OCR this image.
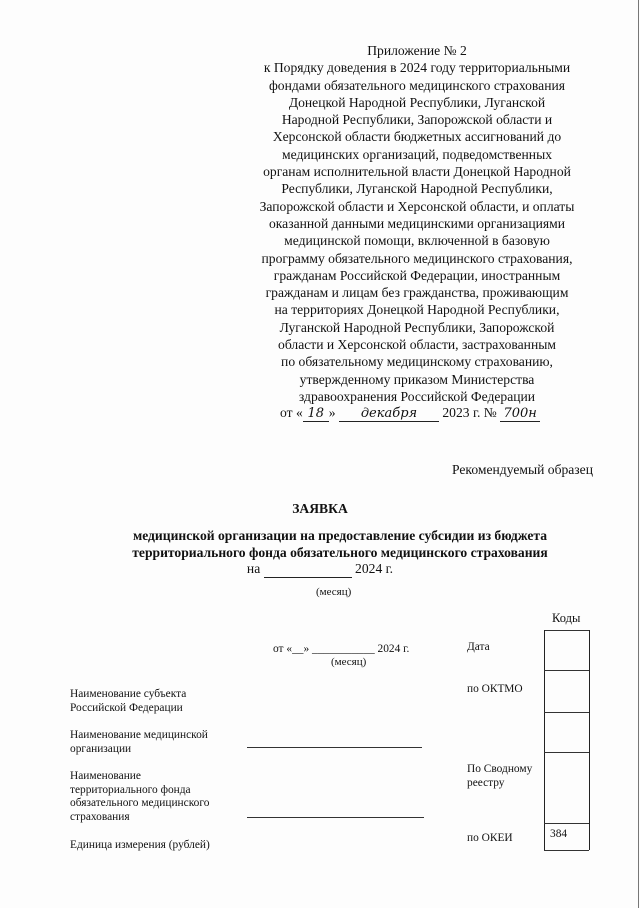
Приложение № 2

к Порядку доведения в 2024 году территориальными

фондами обязательного медицинского страхования

Донецкой Народной Республики, Луганской

Народной Республики, Запорожской области и

Херсонской области бюджетных ассигнований до

медицинских организаций, подведомственных

органам исполнительной власти Донецкой Народной

Республики, Луганской Народной Республики,

Запорожской области и Херсонской области, и оплаты

оказанной данными медицинскими организациями

медицинской помощи, включенной в базовую

программу обязательного медицинского страхования,

гражданам Российской Федерации, иностранным

гражданам и лицам без гражданства, проживающим

на территориях Донецкой Народной Республики,

Луганской Народной Республики, Запорожской

области и Херсонской области, застрахованным

по обязательному медицинскому страхованию,

утвержденному приказом Министерства

здравоохранения Российской Федерации

от « 18 » декабря 2023 г. № 700н
Рекомендуемый образец
ЗАЯВКА
медицинской организации на предоставление субсидии из бюджета
территориального фонда обязательного медицинского страхования
на	2024 г.
(месяц)
Коды
384
от «__» ___________ 2024 г.
(месяц)
Дата
Наименование субъекта
Российской Федерации
по ОКТМО
Наименование медицинской
организации
Наименование
территориального фонда
обязательного медицинского
страхования
По Сводному
реестру
Единица измерения (рублей)
по ОКЕИ
